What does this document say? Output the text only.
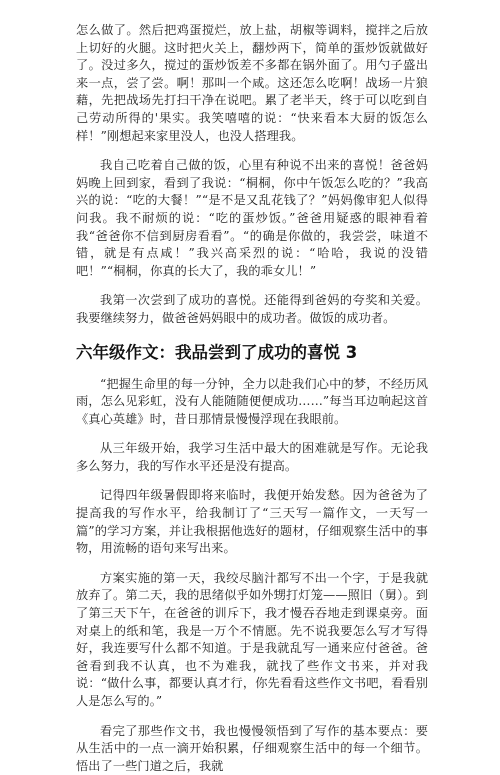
怎么做了。然后把鸡蛋搅烂，放上盐，胡椒等调料，搅拌之后放上切好的火腿。这时把火关上，翻炒两下，简单的蛋炒饭就做好了。没过多久，搅过的蛋炒饭差不多都在锅外面了。用勺子盛出来一点，尝了尝。啊！那叫一个咸。这还怎么吃啊！战场一片狼藉，先把战场先打扫干净在说吧。累了老半天，终于可以吃到自己劳动所得的'果实。我笑嘻嘻的说：“快来看本大厨的饭怎么样！”刚想起来家里没人，也没人搭理我。

我自己吃着自己做的饭，心里有种说不出来的喜悦！爸爸妈妈晚上回到家，看到了我说：“桐桐，你中午饭怎么吃的？”我高兴的说：“吃的大餐！”“是不是又乱花钱了？”妈妈像审犯人似得问我。我不耐烦的说：“吃的蛋炒饭。”爸爸用疑惑的眼神看着我“爸爸你不信到厨房看看”。“的确是你做的，我尝尝，味道不错，就是有点咸！”我兴高采烈的说：“哈哈，我说的没错吧！”“桐桐，你真的长大了，我的乖女儿！”

我第一次尝到了成功的喜悦。还能得到爸妈的夸奖和关爱。我要继续努力，做爸爸妈妈眼中的成功者。做饭的成功者。

六年级作文：我品尝到了成功的喜悦 3

“把握生命里的每一分钟，全力以赴我们心中的梦，不经历风雨，怎么见彩虹，没有人能随随便便成功……”每当耳边响起这首《真心英雄》时，昔日那情景慢慢浮现在我眼前。

从三年级开始，我学习生活中最大的困难就是写作。无论我多么努力，我的写作水平还是没有提高。

记得四年级暑假即将来临时，我便开始发愁。因为爸爸为了提高我的写作水平，给我制订了“三天写一篇作文，一天写一篇”的学习方案，并让我根据他选好的题材，仔细观察生活中的事物，用流畅的语句来写出来。

方案实施的第一天，我绞尽脑汁都写不出一个字，于是我就放弃了。第二天，我的思绪似乎如外甥打灯笼——照旧（舅）。到了第三天下午，在爸爸的训斥下，我才慢吞吞地走到课桌旁。面对桌上的纸和笔，我是一万个不情愿。先不说我要怎么写才写得好，我连要写什么都不知道。于是我就乱写一通来应付爸爸。爸爸看到我不认真，也不为难我，就找了些作文书来，并对我说：“做什么事，都要认真才行，你先看看这些作文书吧，看看别人是怎么写的。”

看完了那些作文书，我也慢慢领悟到了写作的基本要点：要从生活中的一点一滴开始积累，仔细观察生活中的每一个细节。悟出了一些门道之后，我就
